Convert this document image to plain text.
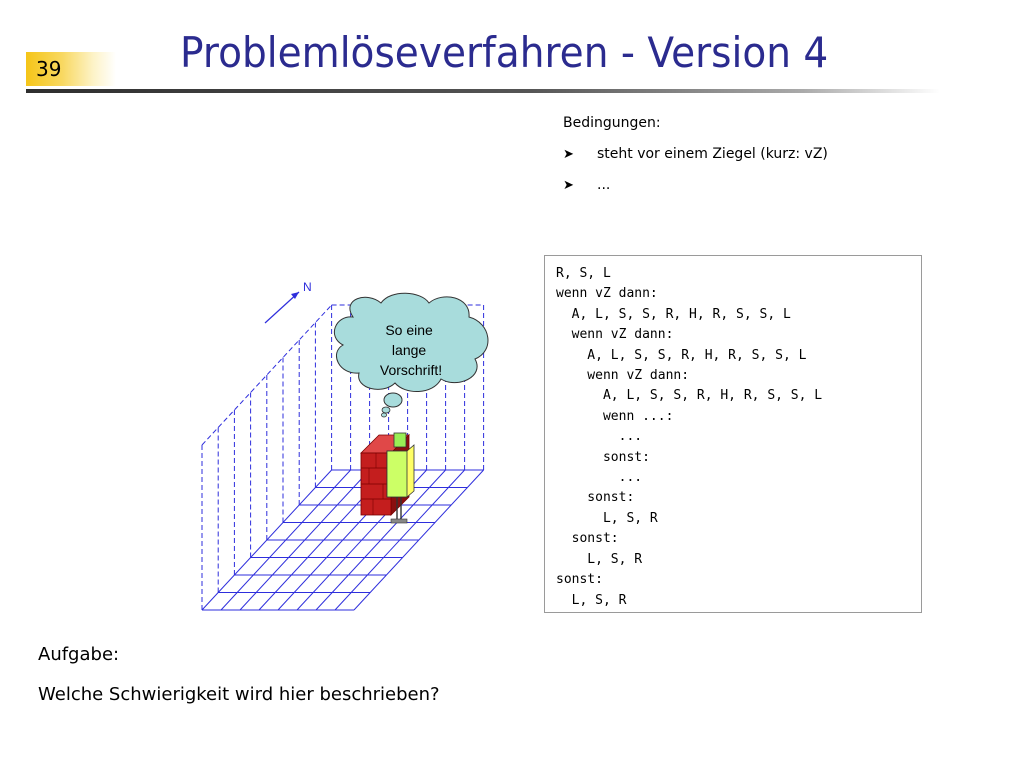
39	Problemlöseverfahren - Version 4
Bedingungen:
➤ steht vor einem Ziegel (kurz: vZ)
➤ ...
R, S, L
wenn vZ dann:
A, L, S, S, R, H, R, S, S, L
wenn vZ dann:
A, L, S, S, R, H, R, S, S, L
wenn vZ dann:
A, L, S, S, R, H, R, S, S, L
wenn ...:
...
sonst:
...
sonst:
L, S, R
sonst:
L, S, R
sonst:
L, S, R
N
So eine lange Vorschrift!
Aufgabe:
Welche Schwierigkeit wird hier beschrieben?
